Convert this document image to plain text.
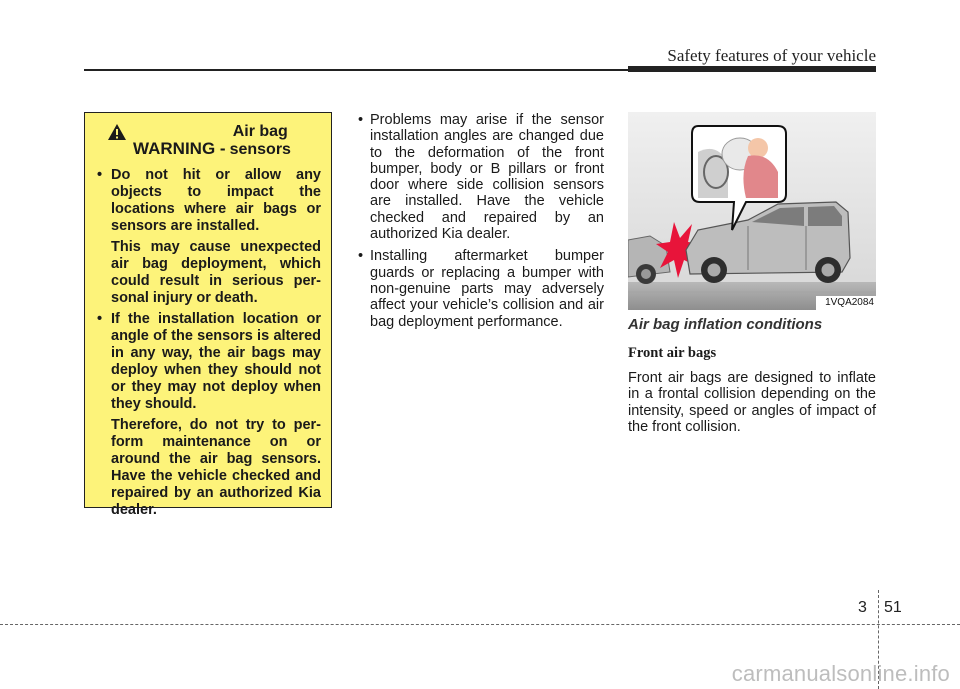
Safety features of your vehicle
WARNING - Air bag
sensors

• Do not hit or allow any objects to impact the locations where air bags or sensors are installed.

This may cause unexpected air bag deployment, which could result in serious per-sonal injury or death.

• If the installation location or angle of the sensors is altered in any way, the air bags may deploy when they should not or they may not deploy when they should.

Therefore, do not try to per-form maintenance on or around the air bag sensors. Have the vehicle checked and repaired by an authorized Kia dealer.

• Problems may arise if the sensor installation angles are changed due to the deformation of the front bumper, body or B pillars or front door where side collision sensors are installed. Have the vehicle checked and repaired by an authorized Kia dealer.
• Installing aftermarket bumper guards or replacing a bumper with non-genuine parts may adversely affect your vehicle’s collision and air bag deployment performance.
1VQA2084
Air bag inflation conditions
Front air bags

Front air bags are designed to inflate in a frontal collision depending on the intensity, speed or angles of impact of the front collision.

3 51
carmanualsonline.info
